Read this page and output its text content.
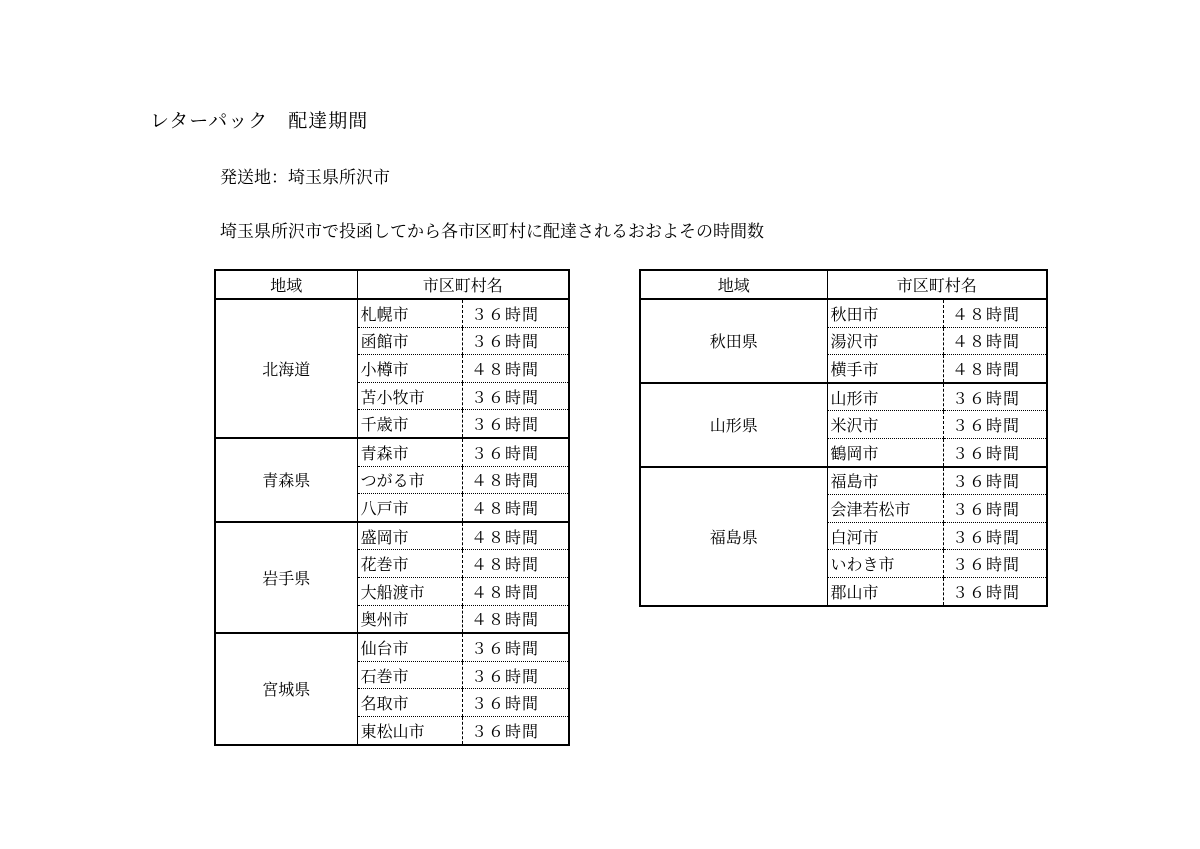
レターパック　配達期間
発送地：埼玉県所沢市
埼玉県所沢市で投函してから各市区町村に配達されるおおよその時間数
地域	市区町村名	
北海道	札幌市	３６時間
	函館市	３６時間
	小樽市	４８時間
	苫小牧市	３６時間
	千歳市	３６時間
青森県	青森市	３６時間
	つがる市	４８時間
	八戸市	４８時間
岩手県	盛岡市	４８時間
	花巻市	４８時間
	大船渡市	４８時間
	奥州市	４８時間
宮城県	仙台市	３６時間
	石巻市	３６時間
	名取市	３６時間
	東松山市	３６時間
地域	市区町村名	
秋田県	秋田市	４８時間
	湯沢市	４８時間
	横手市	４８時間
山形県	山形市	３６時間
	米沢市	３６時間
	鶴岡市	３６時間
福島県	福島市	３６時間
	会津若松市	３６時間
	白河市	３６時間
	いわき市	３６時間
	郡山市	３６時間
